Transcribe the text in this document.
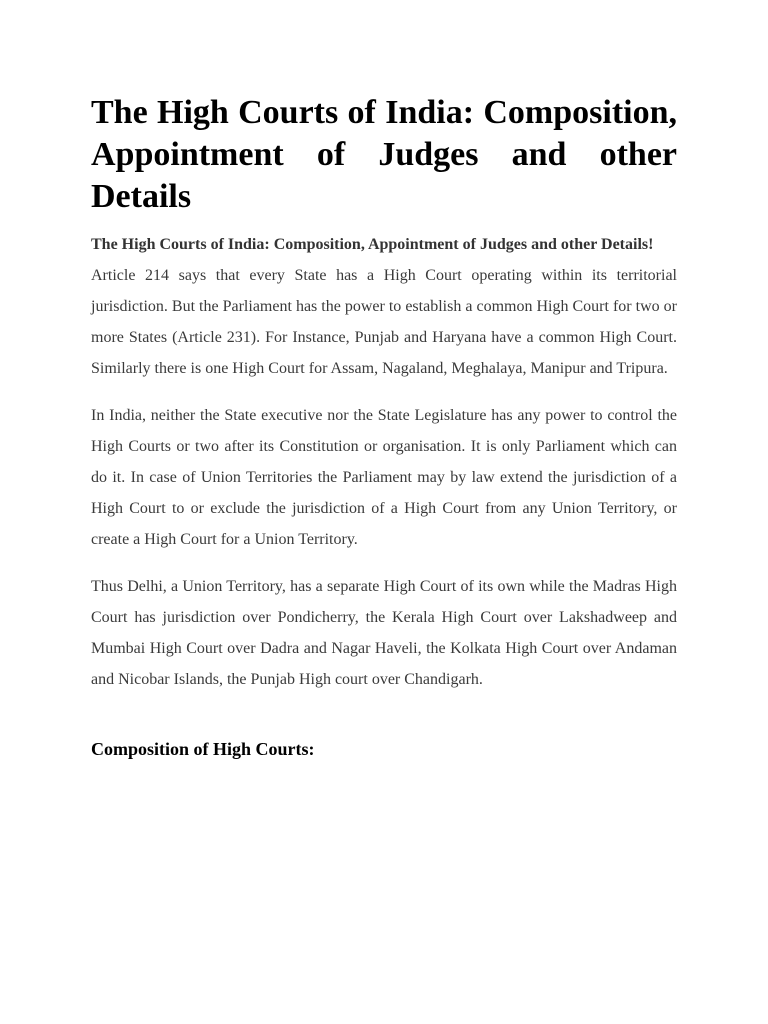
The High Courts of India: Composition, Appointment of Judges and other Details

The High Courts of India: Composition, Appointment of Judges and other Details!

Article 214 says that every State has a High Court operating within its territorial jurisdiction. But the Parliament has the power to establish a common High Court for two or more States (Article 231). For Instance, Punjab and Haryana have a common High Court. Similarly there is one High Court for Assam, Nagaland, Meghalaya, Manipur and Tripura.

In India, neither the State executive nor the State Legislature has any power to control the High Courts or two after its Constitution or organisation. It is only Parliament which can do it. In case of Union Territories the Parliament may by law extend the jurisdiction of a High Court to or exclude the jurisdiction of a High Court from any Union Territory, or create a High Court for a Union Territory.

Thus Delhi, a Union Territory, has a separate High Court of its own while the Madras High Court has jurisdiction over Pondicherry, the Kerala High Court over Lakshadweep and Mumbai High Court over Dadra and Nagar Haveli, the Kolkata High Court over Andaman and Nicobar Islands, the Punjab High court over Chandigarh.

Composition of High Courts:
